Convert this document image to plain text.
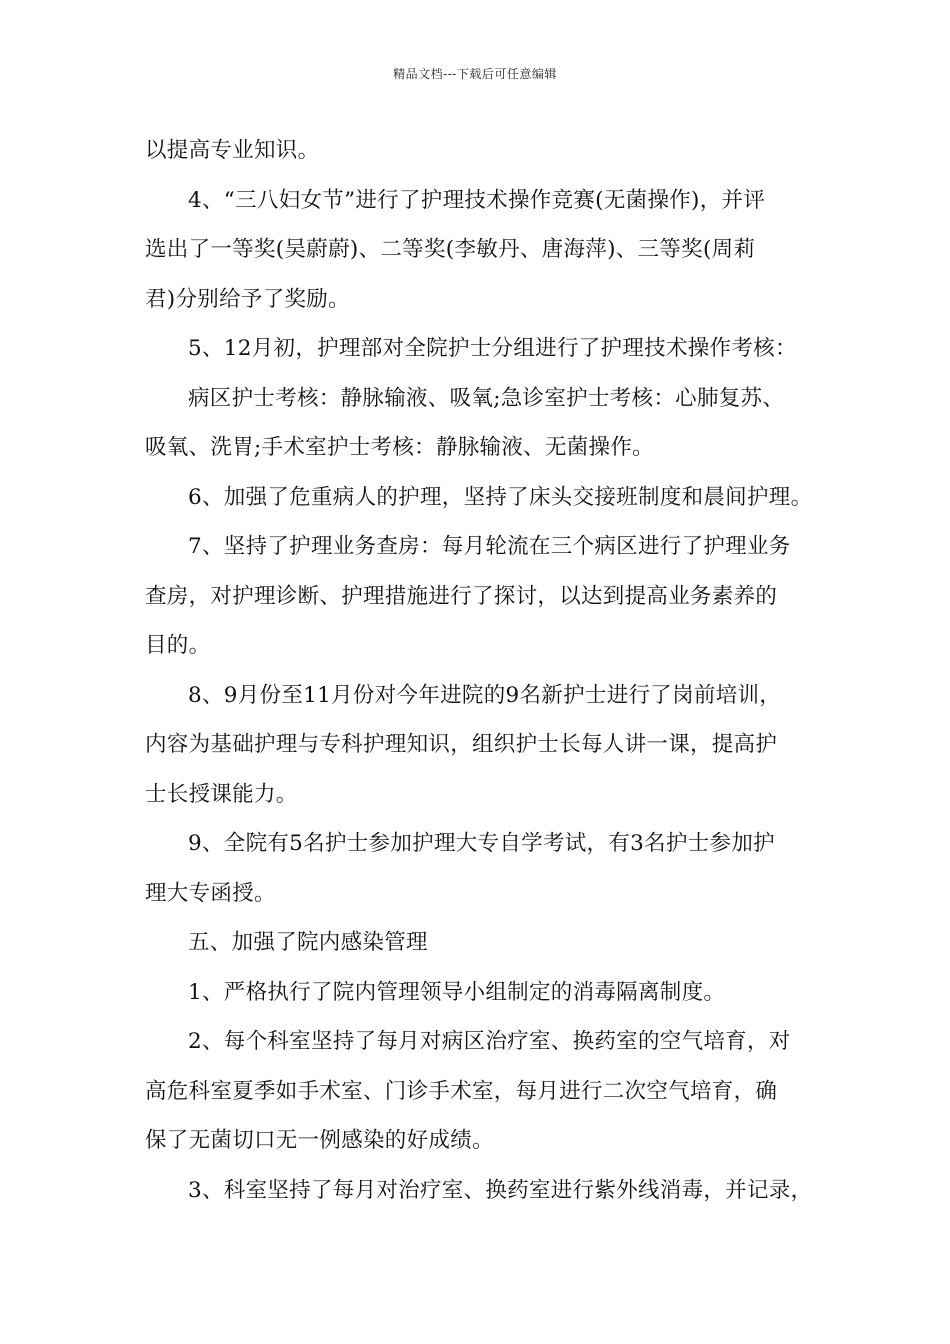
精品文档---下载后可任意编辑
以提高专业知识。
4、“三八妇女节”进行了护理技术操作竞赛(无菌操作)，并评
选出了一等奖(吴蔚蔚)、二等奖(李敏丹、唐海萍)、三等奖(周莉
君)分别给予了奖励。
5、12月初，护理部对全院护士分组进行了护理技术操作考核：
病区护士考核：静脉输液、吸氧;急诊室护士考核：心肺复苏、
吸氧、洗胃;手术室护士考核：静脉输液、无菌操作。
6、加强了危重病人的护理，坚持了床头交接班制度和晨间护理。
7、坚持了护理业务查房：每月轮流在三个病区进行了护理业务
查房，对护理诊断、护理措施进行了探讨，以达到提高业务素养的
目的。
8、9月份至11月份对今年进院的9名新护士进行了岗前培训，
内容为基础护理与专科护理知识，组织护士长每人讲一课，提高护
士长授课能力。
9、全院有5名护士参加护理大专自学考试，有3名护士参加护
理大专函授。
五、加强了院内感染管理
1、严格执行了院内管理领导小组制定的消毒隔离制度。
2、每个科室坚持了每月对病区治疗室、换药室的空气培育，对
高危科室夏季如手术室、门诊手术室，每月进行二次空气培育，确
保了无菌切口无一例感染的好成绩。
3、科室坚持了每月对治疗室、换药室进行紫外线消毒，并记录，
